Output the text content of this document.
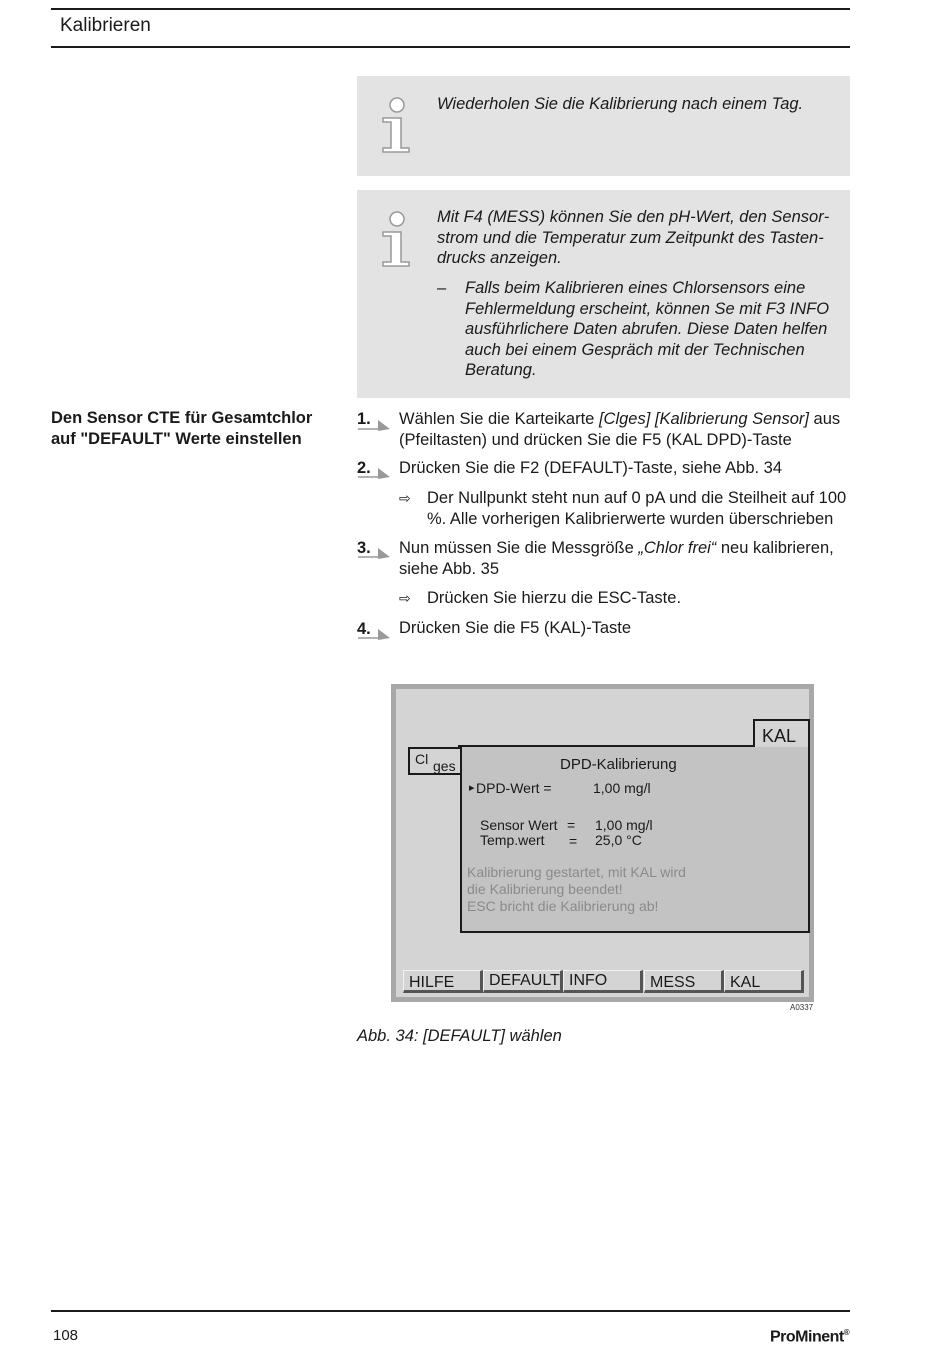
Kalibrieren
Wiederholen Sie die Kalibrierung nach einem Tag.
Mit F4 (MESS) können Sie den pH-Wert, den Sensorstrom und die Temperatur zum Zeitpunkt des Tastendrucks anzeigen.
– Falls beim Kalibrieren eines Chlorsensors eine Fehlermeldung erscheint, können Se mit F3 INFO ausführlichere Daten abrufen. Diese Daten helfen auch bei einem Gespräch mit der Technischen Beratung.
Den Sensor CTE für Gesamtchlor auf "DEFAULT" Werte einstellen
1. Wählen Sie die Karteikarte [Clges] [Kalibrierung Sensor] aus (Pfeiltasten) und drücken Sie die F5 (KAL DPD)-Taste
2. Drücken Sie die F2 (DEFAULT)-Taste, siehe Abb. 34
⇨ Der Nullpunkt steht nun auf 0 pA und die Steilheit auf 100 %. Alle vorherigen Kalibrierwerte wurden überschrieben
3. Nun müssen Sie die Messgröße „Chlor frei“ neu kalibrieren, siehe Abb. 35
⇨ Drücken Sie hierzu die ESC-Taste.
4. Drücken Sie die F5 (KAL)-Taste
KAL
Cl ges	DPD-Kalibrierung
▸ DPD-Wert =	1,00 mg/l
Sensor Wert = 1,00 mg/l
Temp.wert = 25,0 °C
Kalibrierung gestartet, mit KAL wird
die Kalibrierung beendet!
ESC bricht die Kalibrierung ab!
HILFE	DEFAULT INFO	MESS	KAL
A0337
Abb. 34: [DEFAULT] wählen
108	ProMinent®
